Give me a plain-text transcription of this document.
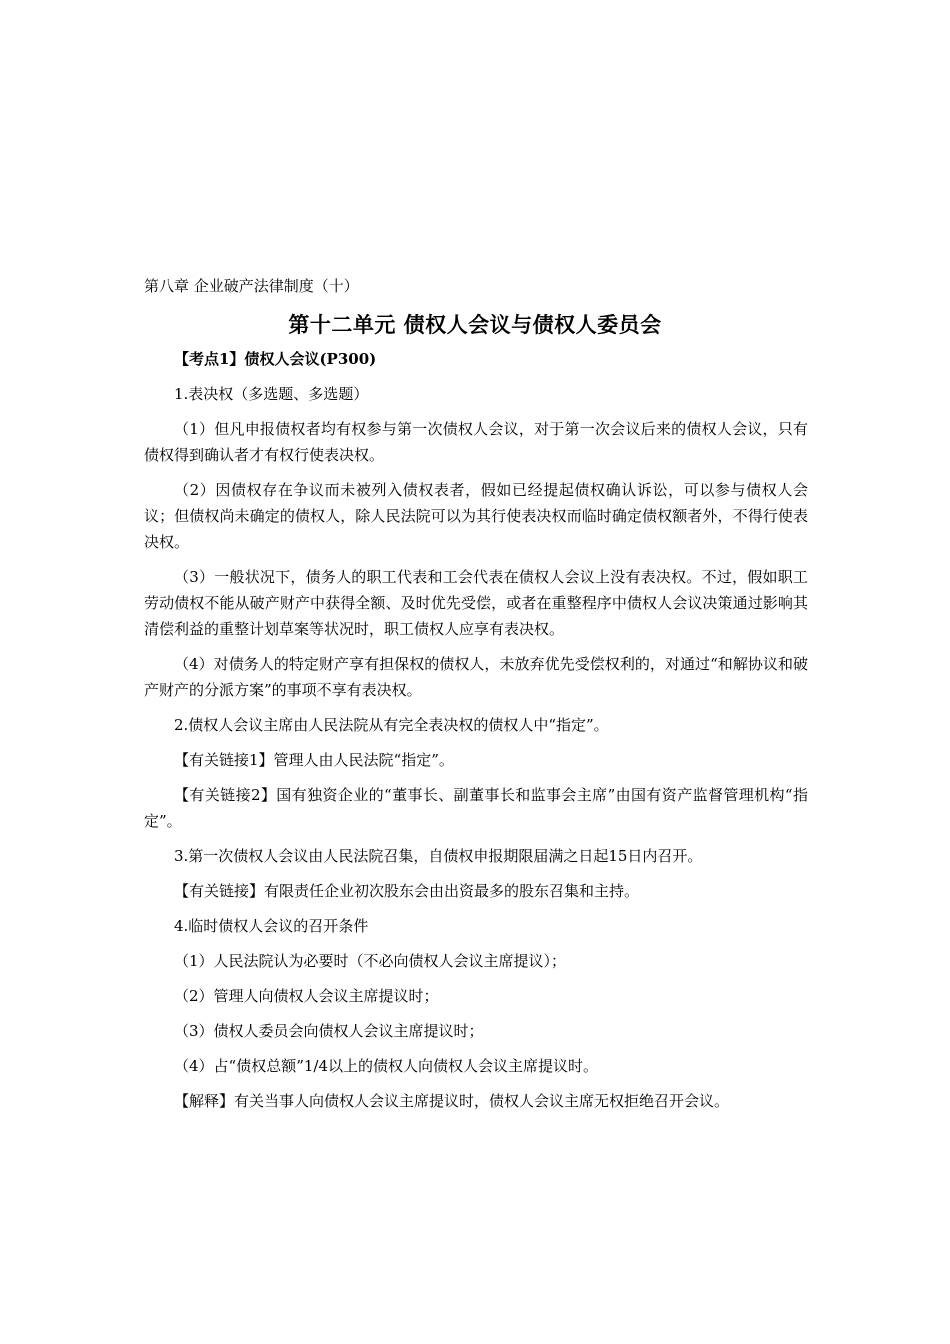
第八章 企业破产法律制度（十）
第十二单元 债权人会议与债权人委员会

【考点1】债权人会议(P300)

1.表决权（多选题、多选题）

（1）但凡申报债权者均有权参与第一次债权人会议，对于第一次会议后来的债权人会议，只有债权得到确认者才有权行使表决权。

（2）因债权存在争议而未被列入债权表者，假如已经提起债权确认诉讼，可以参与债权人会议；但债权尚未确定的债权人，除人民法院可以为其行使表决权而临时确定债权额者外，不得行使表决权。

（3）一般状况下，债务人的职工代表和工会代表在债权人会议上没有表决权。不过，假如职工劳动债权不能从破产财产中获得全额、及时优先受偿，或者在重整程序中债权人会议决策通过影响其清偿利益的重整计划草案等状况时，职工债权人应享有表决权。

（4）对债务人的特定财产享有担保权的债权人，未放弃优先受偿权利的，对通过“和解协议和破产财产的分派方案”的事项不享有表决权。

2.债权人会议主席由人民法院从有完全表决权的债权人中“指定”。

【有关链接1】管理人由人民法院“指定”。

【有关链接2】国有独资企业的“董事长、副董事长和监事会主席”由国有资产监督管理机构“指定”。

3.第一次债权人会议由人民法院召集，自债权申报期限届满之日起15日内召开。

【有关链接】有限责任企业初次股东会由出资最多的股东召集和主持。

4.临时债权人会议的召开条件

（1）人民法院认为必要时（不必向债权人会议主席提议）；

（2）管理人向债权人会议主席提议时；

（3）债权人委员会向债权人会议主席提议时；

（4）占“债权总额”1/4以上的债权人向债权人会议主席提议时。

【解释】有关当事人向债权人会议主席提议时，债权人会议主席无权拒绝召开会议。
